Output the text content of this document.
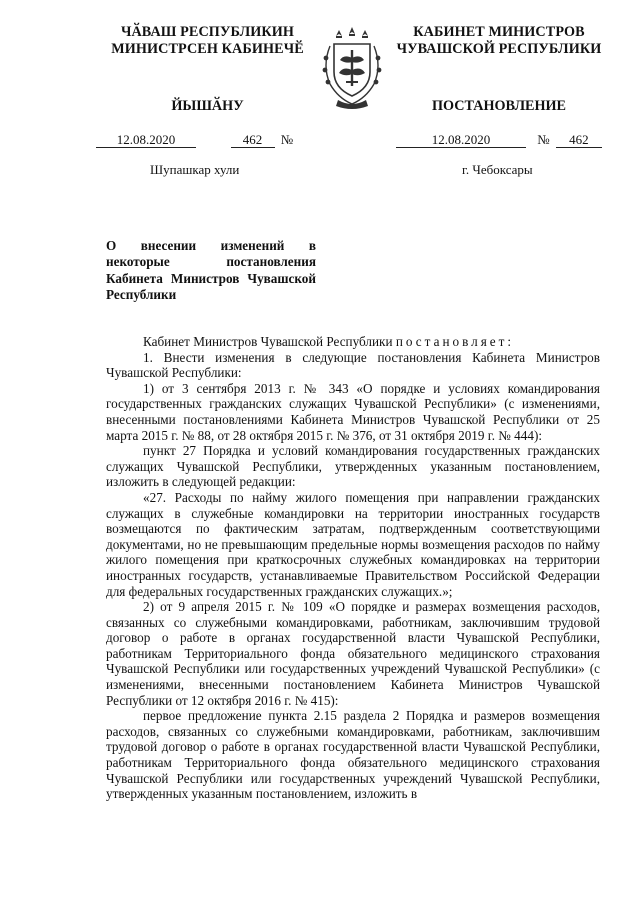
ЧӐВАШ РЕСПУБЛИКИН
МИНИСТРСЕН КАБИНЕЧӖ
ЙЫШӐНУ
КАБИНЕТ МИНИСТРОВ
ЧУВАШСКОЙ РЕСПУБЛИКИ
ПОСТАНОВЛЕНИЕ
12.08.2020	462 №	12.08.2020	№ 462
Шупашкар хули	г. Чебоксары
О внесении изменений в некоторые постановления Кабинета Министров Чувашской Республики

Кабинет Министров Чувашской Республики постановляет:

1. Внести изменения в следующие постановления Кабинета Министров Чувашской Республики:

1) от 3 сентября 2013 г. № 343 «О порядке и условиях командирования государственных гражданских служащих Чувашской Республики» (с изменениями, внесенными постановлениями Кабинета Министров Чувашской Республики от 25 марта 2015 г. № 88, от 28 октября 2015 г. № 376, от 31 октября 2019 г. № 444):

пункт 27 Порядка и условий командирования государственных гражданских служащих Чувашской Республики, утвержденных указанным постановлением, изложить в следующей редакции:

«27. Расходы по найму жилого помещения при направлении гражданских служащих в служебные командировки на территории иностранных государств возмещаются по фактическим затратам, подтвержденным соответствующими документами, но не превышающим предельные нормы возмещения расходов по найму жилого помещения при краткосрочных служебных командировках на территории иностранных государств, устанавливаемые Правительством Российской Федерации для федеральных государственных гражданских служащих.»;

2) от 9 апреля 2015 г. № 109 «О порядке и размерах возмещения расходов, связанных со служебными командировками, работникам, заключившим трудовой договор о работе в органах государственной власти Чувашской Республики, работникам Территориального фонда обязательного медицинского страхования Чувашской Республики или государственных учреждений Чувашской Республики» (с изменениями, внесенными постановлением Кабинета Министров Чувашской Республики от 12 октября 2016 г. № 415):

первое предложение пункта 2.15 раздела 2 Порядка и размеров возмещения расходов, связанных со служебными командировками, работникам, заключившим трудовой договор о работе в органах государственной власти Чувашской Республики, работникам Территориального фонда обязательного медицинского страхования Чувашской Республики или государственных учреждений Чувашской Республики, утвержденных указанным постановлением, изложить в
